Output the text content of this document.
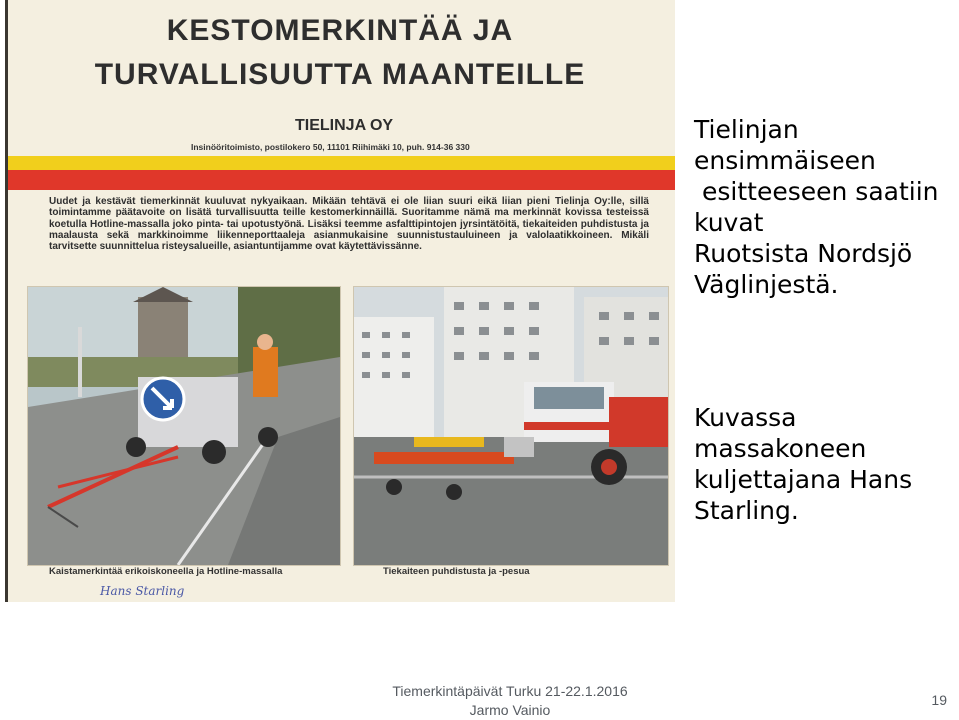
KESTOMERKINTÄÄ JA
TURVALLISUUTTA MAANTEILLE
TIELINJA OY
Insinööritoimisto, postilokero 50, 11101 Riihimäki 10, puh. 914-36 330

Uudet ja kestävät tiemerkinnät kuuluvat nykyaikaan. Mikään tehtävä ei ole liian suuri eikä liian pieni Tielinja Oy:lle, sillä toimintamme päätavoite on lisätä turvallisuutta teille kestomerkinnäillä. Suoritamme nämä ma merkinnät kovissa testeissä koetulla Hotline-massalla joko pinta- tai upotustyönä. Lisäksi teemme asfalttipintojen jyrsintätöitä, tiekaiteiden puhdistusta ja maalausta sekä markkinoimme liikenneporttaaleja asianmukaisine suunnistustauluineen ja valolaatikkoineen. Mikäli tarvitsette suunnittelua risteysalueille, asiantuntijamme ovat käytettävissänne.

Kaistamerkintää erikoiskoneella ja Hotline-massalla	Tiekaiteen puhdistusta ja -pesua

Hans Starling

Tielinjan
ensimmäiseen
esitteeseen saatiin
kuvat
Ruotsista Nordsjö
Väglinjestä.

Kuvassa
massakoneen
kuljettajana Hans
Starling.

Tiemerkintäpäivät Turku 21-22.1.2016
Jarmo Vainio
19
